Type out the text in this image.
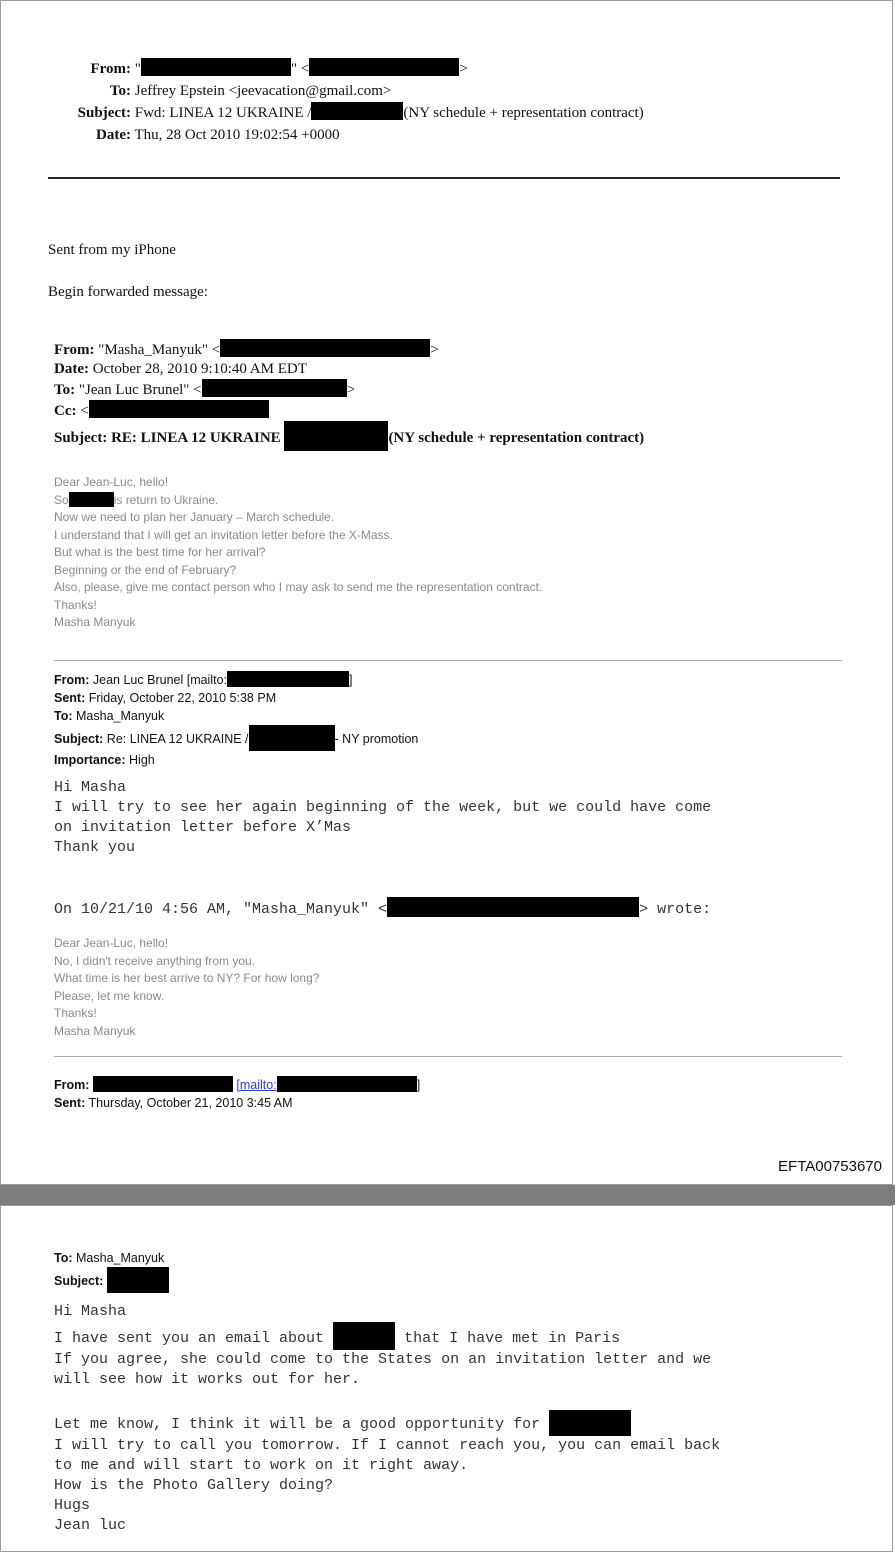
From: "	" <	>
To: Jeffrey Epstein <jeevacation@gmail.com>
Subject: Fwd: LINEA 12 UKRAINE /	(NY schedule + representation contract)
Date: Thu, 28 Oct 2010 19:02:54 +0000
Sent from my iPhone
Begin forwarded message:
From: "Masha_Manyuk" <	>
Date: October 28, 2010 9:10:40 AM EDT
To: "Jean Luc Brunel" <	>
Cc: <
Subject: RE: LINEA 12 UKRAINE	(NY schedule + representation contract)
Dear Jean-Luc, hello!
So	is return to Ukraine.
Now we need to plan her January – March schedule.
I understand that I will get an invitation letter before the X-Mass.
But what is the best time for her arrival?
Beginning or the end of February?
Also, please, give me contact person who I may ask to send me the representation contract.
Thanks!
Masha Manyuk
From: Jean Luc Brunel [mailto:	]
Sent: Friday, October 22, 2010 5:38 PM
To: Masha_Manyuk
Subject: Re: LINEA 12 UKRAINE /	- NY promotion
Importance: High
Hi Masha
I will try to see her again beginning of the week, but we could have come
on invitation letter before X’Mas
Thank you
On 10/21/10 4:56 AM, "Masha_Manyuk" <	> wrote:
Dear Jean-Luc, hello!
No, I didn't receive anything from you.
What time is her best arrive to NY? For how long?
Please, let me know.
Thanks!
Masha Manyuk
From:	[mailto:	]
Sent: Thursday, October 21, 2010 3:45 AM
EFTA00753670
To: Masha_Manyuk
Subject:
Hi Masha
I have sent you an email about	that I have met in Paris
If you agree, she could come to the States on an invitation letter and we
will see how it works out for her.
Let me know, I think it will be a good opportunity for
I will try to call you tomorrow. If I cannot reach you, you can email back
to me and will start to work on it right away.
How is the Photo Gallery doing?
Hugs
Jean luc
